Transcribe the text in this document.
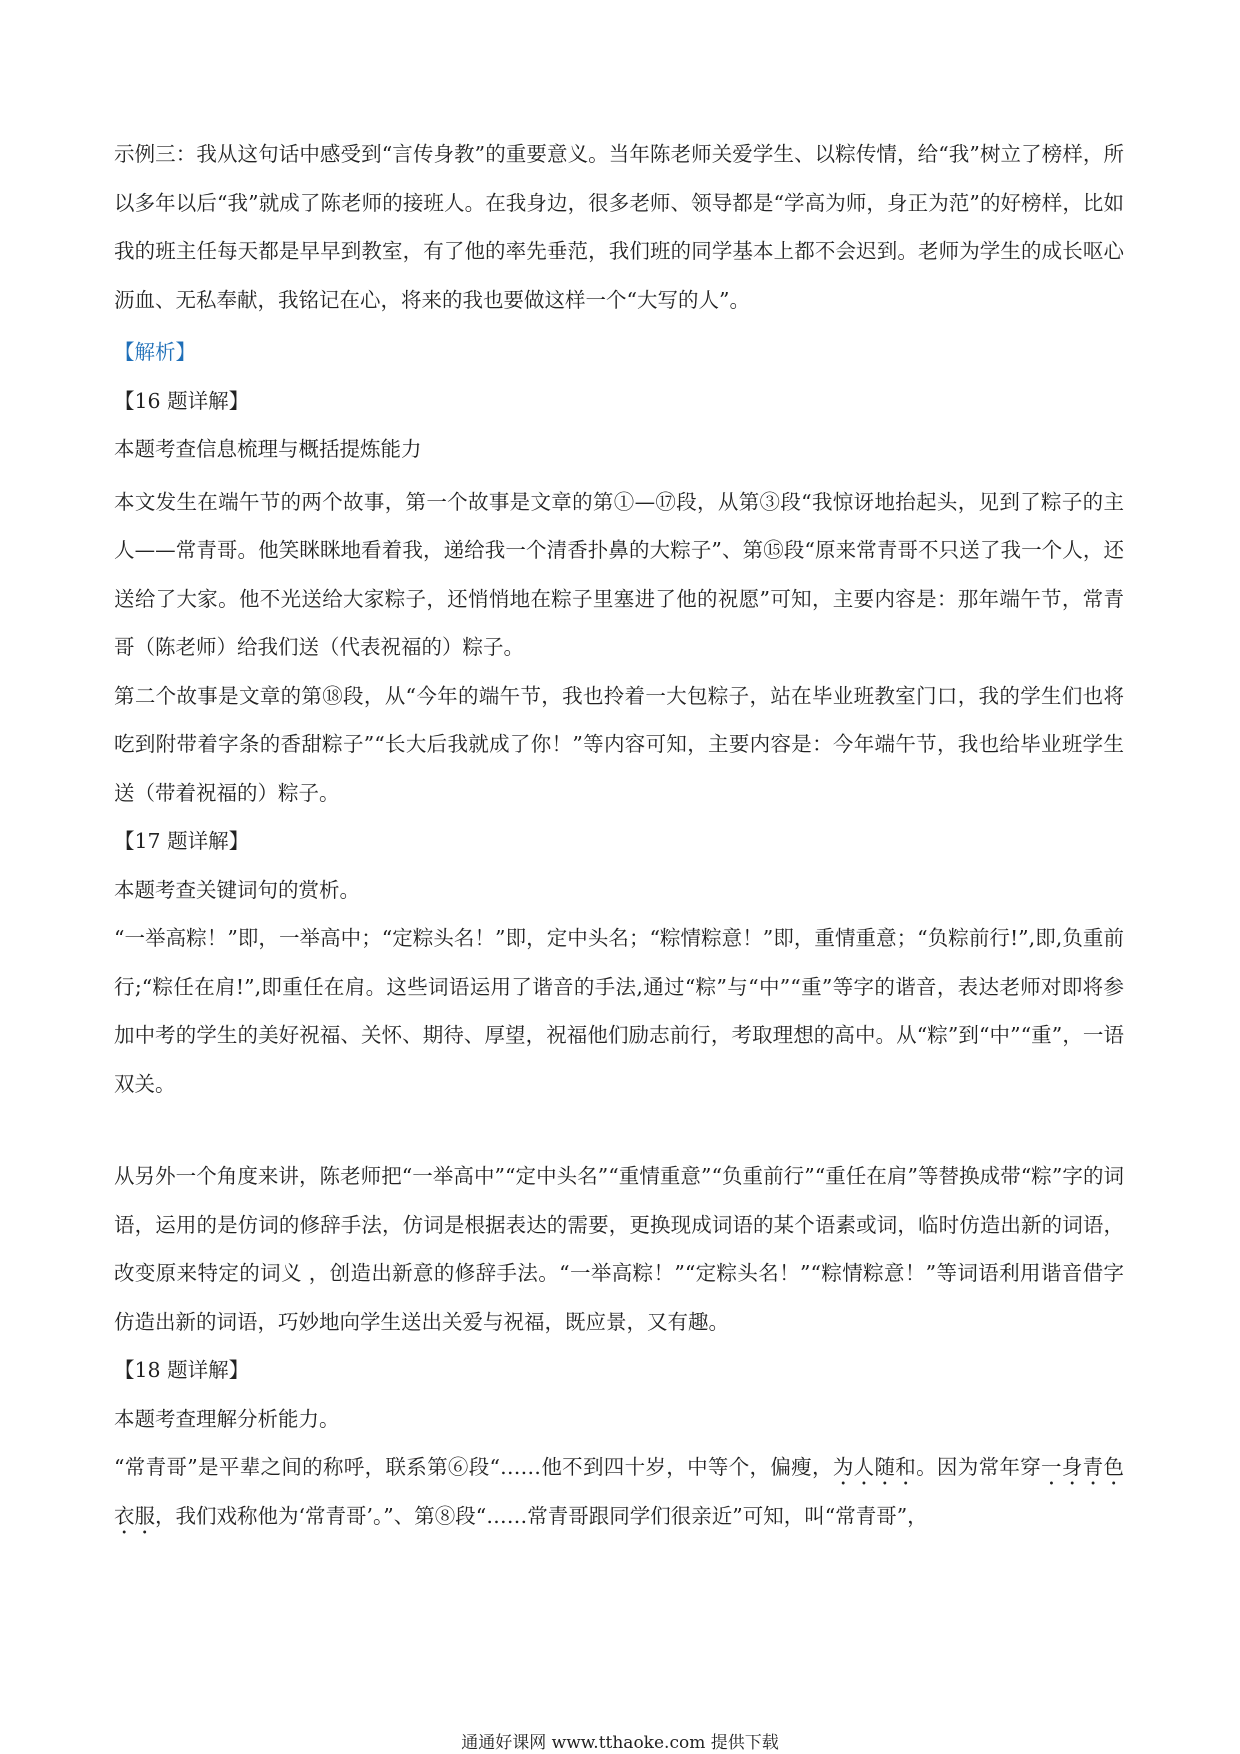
示例三：我从这句话中感受到“言传身教”的重要意义。当年陈老师关爱学生、以粽传情，给“我”树立了榜样，所以多年以后“我”就成了陈老师的接班人。在我身边，很多老师、领导都是“学高为师，身正为范”的好榜样，比如我的班主任每天都是早早到教室，有了他的率先垂范，我们班的同学基本上都不会迟到。老师为学生的成长呕心沥血、无私奉献，我铭记在心，将来的我也要做这样一个“大写的人”。

【解析】

【16 题详解】

本题考查信息梳理与概括提炼能力

本文发生在端午节的两个故事，第一个故事是文章的第①—⑰段，从第③段“我惊讶地抬起头，见到了粽子的主人——常青哥。他笑眯眯地看着我，递给我一个清香扑鼻的大粽子”、第⑮段“原来常青哥不只送了我一个人，还送给了大家。他不光送给大家粽子，还悄悄地在粽子里塞进了他的祝愿”可知，主要内容是：那年端午节，常青哥（陈老师）给我们送（代表祝福的）粽子。

第二个故事是文章的第⑱段，从“今年的端午节，我也拎着一大包粽子，站在毕业班教室门口，我的学生们也将吃到附带着字条的香甜粽子”“长大后我就成了你！”等内容可知，主要内容是：今年端午节，我也给毕业班学生送（带着祝福的）粽子。

【17 题详解】

本题考查关键词句的赏析。

“一举高粽！”即，一举高中；“定粽头名！”即，定中头名；“粽情粽意！”即，重情重意；“负粽前行!”,即,负重前行;“粽任在肩!”,即重任在肩。这些词语运用了谐音的手法,通过“粽”与“中”“重”等字的谐音，表达老师对即将参加中考的学生的美好祝福、关怀、期待、厚望，祝福他们励志前行，考取理想的高中。从“粽”到“中”“重”，一语双关。

从另外一个角度来讲，陈老师把“一举高中”“定中头名”“重情重意”“负重前行”“重任在肩”等替换成带“粽”字的词语，运用的是仿词的修辞手法，仿词是根据表达的需要，更换现成词语的某个语素或词，临时仿造出新的词语，改变原来特定的词义 ，创造出新意的修辞手法。“一举高粽！”“定粽头名！”“粽情粽意！”等词语利用谐音借字仿造出新的词语，巧妙地向学生送出关爱与祝福，既应景，又有趣。

【18 题详解】

本题考查理解分析能力。

“常青哥”是平辈之间的称呼，联系第⑥段“……他不到四十岁，中等个，偏瘦，为人随和。因为常年穿一身青色衣服，我们戏称他为‘常青哥’。”、第⑧段“……常青哥跟同学们很亲近”可知，叫“常青哥”，

通通好课网 www.tthaoke.com 提供下载
